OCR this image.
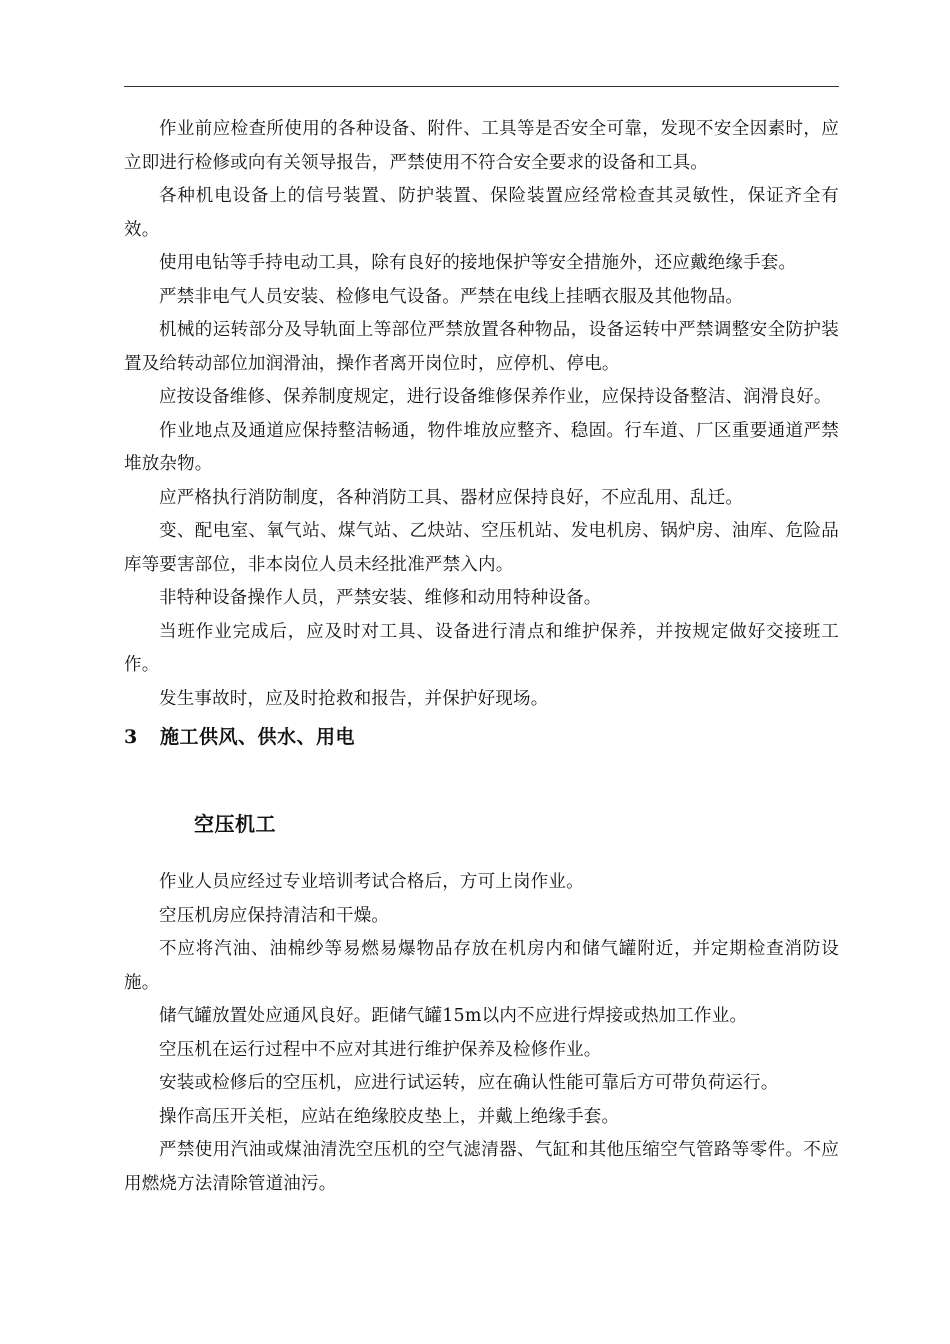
作业前应检查所使用的各种设备、附件、工具等是否安全可靠，发现不安全因素时，应立即进行检修或向有关领导报告，严禁使用不符合安全要求的设备和工具。

各种机电设备上的信号装置、防护装置、保险装置应经常检查其灵敏性，保证齐全有效。

使用电钻等手持电动工具，除有良好的接地保护等安全措施外，还应戴绝缘手套。

严禁非电气人员安装、检修电气设备。严禁在电线上挂晒衣服及其他物品。

机械的运转部分及导轨面上等部位严禁放置各种物品，设备运转中严禁调整安全防护装置及给转动部位加润滑油，操作者离开岗位时，应停机、停电。

应按设备维修、保养制度规定，进行设备维修保养作业，应保持设备整洁、润滑良好。

作业地点及通道应保持整洁畅通，物件堆放应整齐、稳固。行车道、厂区重要通道严禁堆放杂物。

应严格执行消防制度，各种消防工具、器材应保持良好，不应乱用、乱迁。

变、配电室、氧气站、煤气站、乙炔站、空压机站、发电机房、锅炉房、油库、危险品库等要害部位，非本岗位人员未经批准严禁入内。

非特种设备操作人员，严禁安装、维修和动用特种设备。

当班作业完成后，应及时对工具、设备进行清点和维护保养，并按规定做好交接班工作。

发生事故时，应及时抢救和报告，并保护好现场。

3 施工供风、供水、用电
空压机工

作业人员应经过专业培训考试合格后，方可上岗作业。

空压机房应保持清洁和干燥。

不应将汽油、油棉纱等易燃易爆物品存放在机房内和储气罐附近，并定期检查消防设施。

储气罐放置处应通风良好。距储气罐15m以内不应进行焊接或热加工作业。

空压机在运行过程中不应对其进行维护保养及检修作业。

安装或检修后的空压机，应进行试运转，应在确认性能可靠后方可带负荷运行。

操作高压开关柜，应站在绝缘胶皮垫上，并戴上绝缘手套。

严禁使用汽油或煤油清洗空压机的空气滤清器、气缸和其他压缩空气管路等零件。不应用燃烧方法清除管道油污。
